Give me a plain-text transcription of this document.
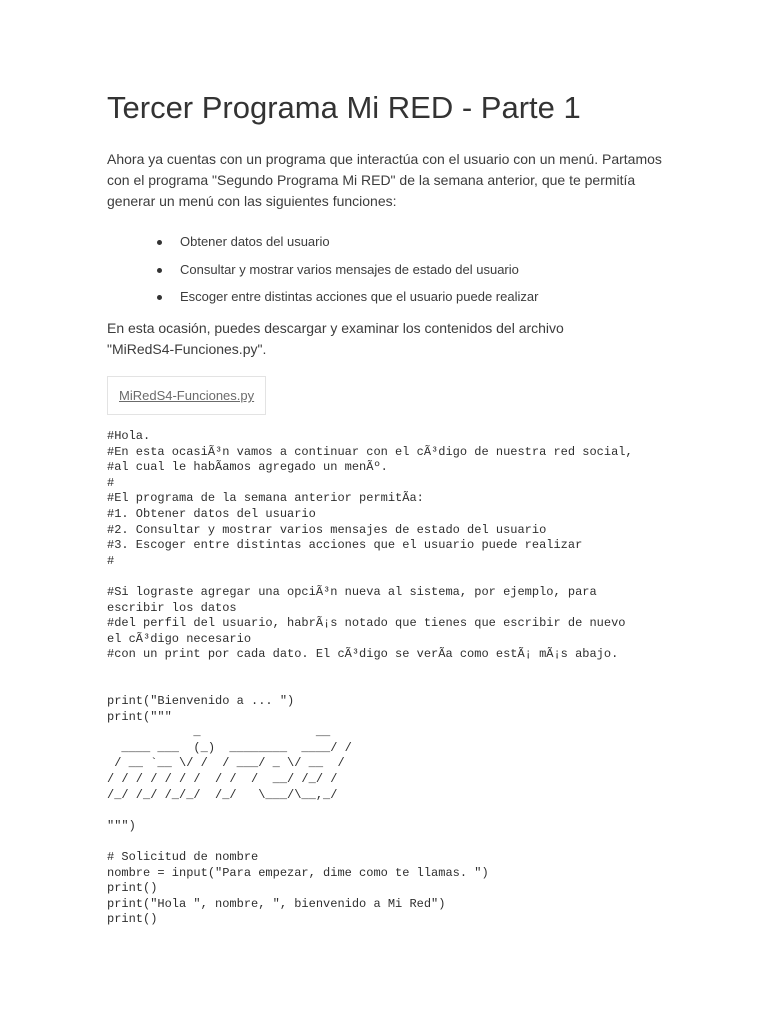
Tercer Programa Mi RED - Parte 1

Ahora ya cuentas con un programa que interactúa con el usuario con un menú. Partamos con el programa "Segundo Programa Mi RED" de la semana anterior, que te permitía generar un menú con las siguientes funciones:

Obtener datos del usuario
Consultar y mostrar varios mensajes de estado del usuario
Escoger entre distintas acciones que el usuario puede realizar

En esta ocasión, puedes descargar y examinar los contenidos del archivo "MiRedS4-Funciones.py".

MiRedS4-Funciones.py
#Hola.
#En esta ocasiÃ³n vamos a continuar con el cÃ³digo de nuestra red social,
#al cual le habÃamos agregado un menÃº.
#
#El programa de la semana anterior permitÃa:
#1. Obtener datos del usuario
#2. Consultar y mostrar varios mensajes de estado del usuario
#3. Escoger entre distintas acciones que el usuario puede realizar
#

#Si lograste agregar una opciÃ³n nueva al sistema, por ejemplo, para
escribir los datos
#del perfil del usuario, habrÃ¡s notado que tienes que escribir de nuevo
el cÃ³digo necesario
#con un print por cada dato. El cÃ³digo se verÃa como estÃ¡ mÃ¡s abajo.

print("Bienvenido a ... ")
print("""
_                __
____ ___  (_)  ________  ____/ /
/ __ `__ \/ /  / ___/ _ \/ __  /
/ / / / / / /  / /  /  __/ /_/ /
/_/ /_/ /_/_/  /_/   \___/\__,_/

""")

# Solicitud de nombre
nombre = input("Para empezar, dime como te llamas. ")
print()
print("Hola ", nombre, ", bienvenido a Mi Red")
print()
